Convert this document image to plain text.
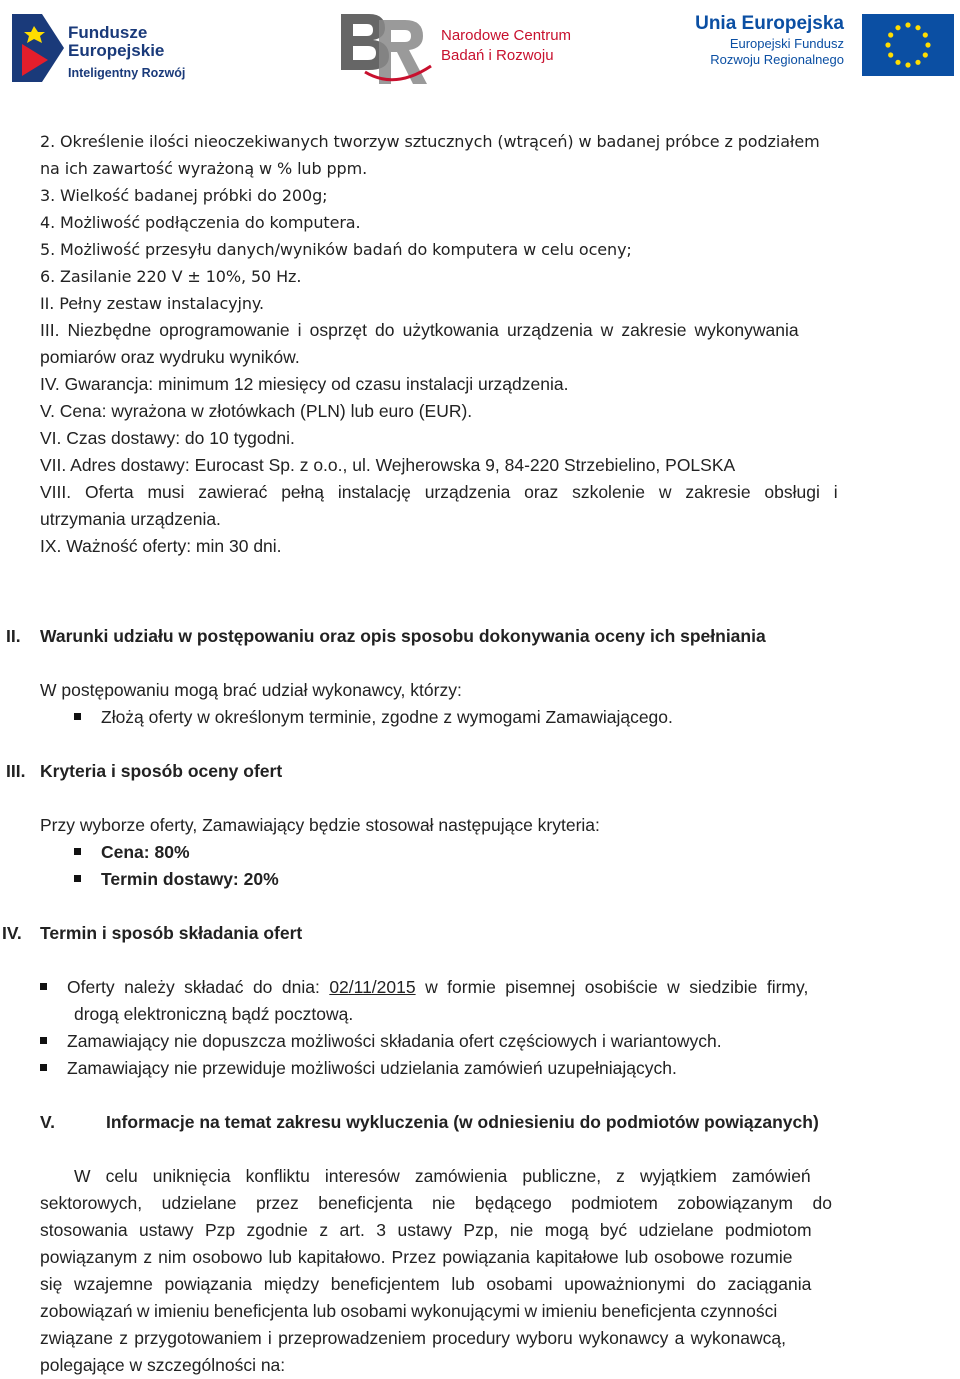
Fundusze
Europejskie
Inteligentny Rozwój
Narodowe Centrum
Badań i Rozwoju
Unia Europejska
Europejski Fundusz
Rozwoju Regionalnego
2. Określenie ilości nieoczekiwanych tworzyw sztucznych (wtrąceń) w badanej próbce z podziałem
na ich zawartość wyrażoną w % lub ppm.
3. Wielkość badanej próbki do 200g;
4. Możliwość podłączenia do komputera.
5. Możliwość przesyłu danych/wyników badań do komputera w celu oceny;
6. Zasilanie 220 V ± 10%, 50 Hz.
II. Pełny zestaw instalacyjny.
III. Niezbędne oprogramowanie i osprzęt do użytkowania urządzenia w zakresie wykonywania
pomiarów oraz wydruku wyników.
IV. Gwarancja: minimum 12 miesięcy od czasu instalacji urządzenia.
V. Cena: wyrażona w złotówkach (PLN) lub euro (EUR).
VI. Czas dostawy: do 10 tygodni.
VII. Adres dostawy: Eurocast Sp. z o.o., ul. Wejherowska 9, 84-220 Strzebielino, POLSKA
VIII. Oferta musi zawierać pełną instalację urządzenia oraz szkolenie w zakresie obsługi i
utrzymania urządzenia.
IX. Ważność oferty: min 30 dni.
II. Warunki udziału w postępowaniu oraz opis sposobu dokonywania oceny ich spełniania
W postępowaniu mogą brać udział wykonawcy, którzy:
Złożą oferty w określonym terminie, zgodne z wymogami Zamawiającego.
III. Kryteria i sposób oceny ofert
Przy wyborze oferty, Zamawiający będzie stosował następujące kryteria:
Cena: 80%
Termin dostawy: 20%
IV. Termin i sposób składania ofert
Oferty należy składać do dnia: 02/11/2015 w formie pisemnej osobiście w siedzibie firmy,
drogą elektroniczną bądź pocztową.
Zamawiający nie dopuszcza możliwości składania ofert częściowych i wariantowych.
Zamawiający nie przewiduje możliwości udzielania zamówień uzupełniających.
V.	Informacje na temat zakresu wykluczenia (w odniesieniu do podmiotów powiązanych)
W celu uniknięcia konfliktu interesów zamówienia publiczne, z wyjątkiem zamówień
sektorowych, udzielane przez beneficjenta nie będącego podmiotem zobowiązanym do
stosowania ustawy Pzp zgodnie z art. 3 ustawy Pzp, nie mogą być udzielane podmiotom
powiązanym z nim osobowo lub kapitałowo. Przez powiązania kapitałowe lub osobowe rozumie
się wzajemne powiązania między beneficjentem lub osobami upoważnionymi do zaciągania
zobowiązań w imieniu beneficjenta lub osobami wykonującymi w imieniu beneficjenta czynności
związane z przygotowaniem i przeprowadzeniem procedury wyboru wykonawcy a wykonawcą,
polegające w szczególności na:
